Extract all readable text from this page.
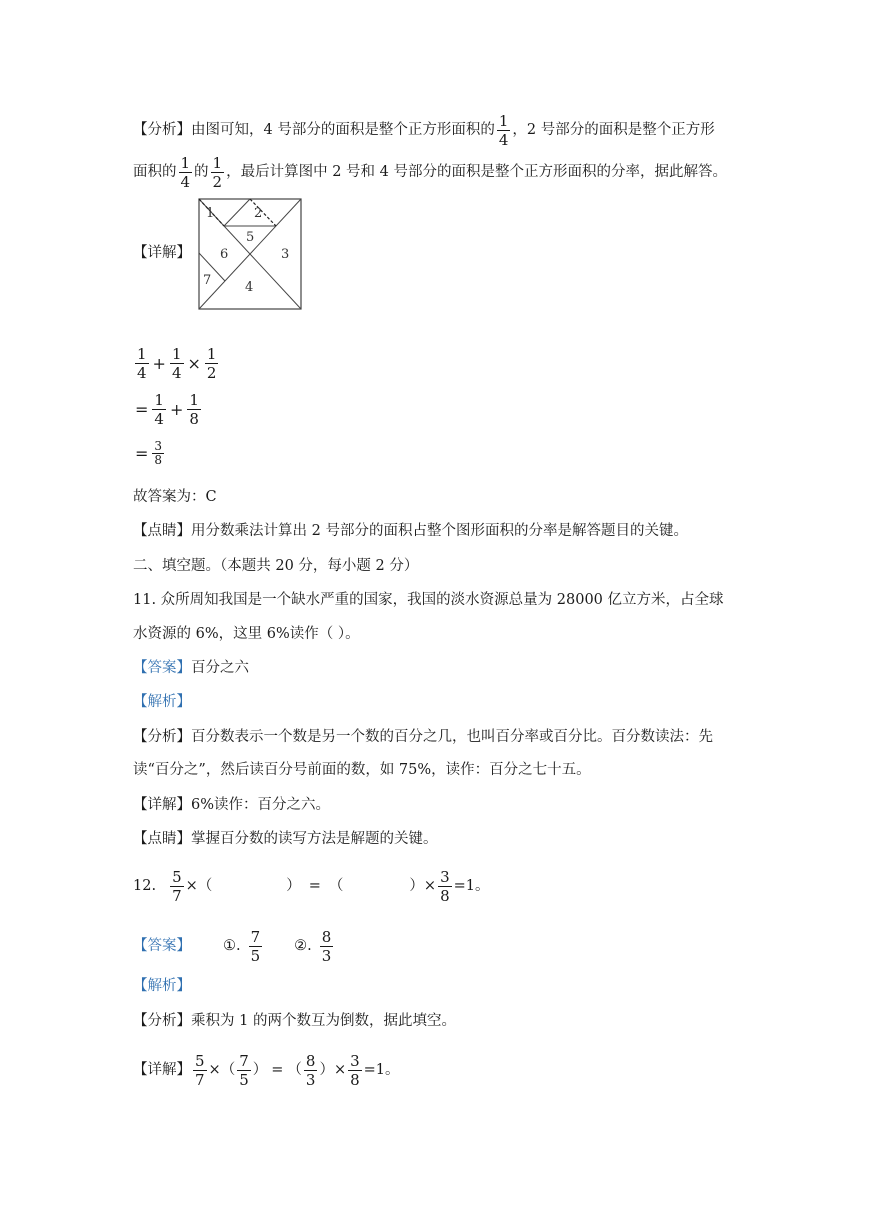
【分析】由图可知，4 号部分的面积是整个正方形面积的 $\frac{1}{4}$ ，2 号部分的面积是整个正方形
面积的 $\frac{1}{4}$ 的 $\frac{1}{2}$ ，最后计算图中 2 号和 4 号部分的面积是整个正方形面积的分率，据此解答。
【详解】
1	2
5
6	3
7	4
$\frac{1}{4} + \frac{1}{4} \times \frac{1}{2}$
= $\frac{1}{4} + \frac{1}{8}$
= $\frac{3}{8}$
故答案为：C
【点睛】用分数乘法计算出 2 号部分的面积占整个图形面积的分率是解答题目的关键。
二、填空题。（本题共 20 分，每小题 2 分）
11. 众所周知我国是一个缺水严重的国家，我国的淡水资源总量为 28000 亿立方米，占全球
水资源的 6%，这里 6%读作（ ）。
【答案】百分之六
【解析】
【分析】百分数表示一个数是另一个数的百分之几，也叫百分率或百分比。百分数读法：先
读“百分之”，然后读百分号前面的数，如 75%，读作：百分之七十五。
【详解】6%读作：百分之六。
【点睛】掌握百分数的读写方法是解题的关键。
12. $\frac{5}{7}$ ×（	） = （	）× $\frac{3}{8} =1$。
【答案】 ①. $\frac{7}{5}$ ②. $\frac{8}{3}$
【解析】
【分析】乘积为 1 的两个数互为倒数，据此填空。
【详解】 $\frac{5}{7}$ ×（ $\frac{7}{5}$ ） = （ $\frac{8}{3}$ ）× $\frac{3}{8} =1$。
